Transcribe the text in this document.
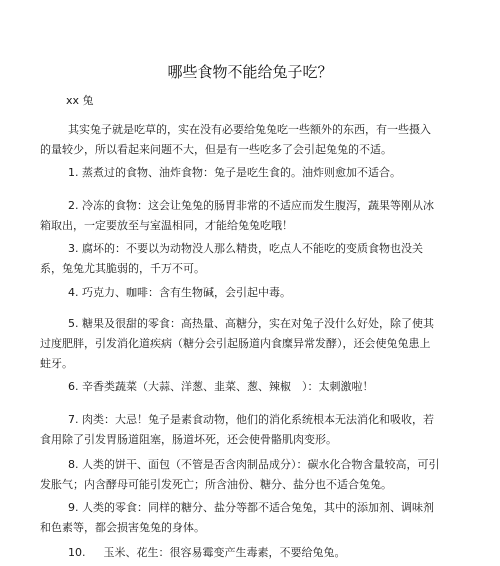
哪些食物不能给兔子吃？
xx 兔

其实兔子就是吃草的，实在没有必要给兔兔吃一些额外的东西，有一些摄入的量较少，所以看起来问题不大，但是有一些吃多了会引起兔兔的不适。

1. 蒸煮过的食物、油炸食物：兔子是吃生食的。油炸则愈加不适合。

2. 冷冻的食物：这会让兔兔的肠胃非常的不适应而发生腹泻，蔬果等刚从冰箱取出，一定要放至与室温相同，才能给兔兔吃哦！

3. 腐坏的：不要以为动物没人那么精贵，吃点人不能吃的变质食物也没关系，兔兔尤其脆弱的，千万不可。

4. 巧克力、咖啡：含有生物碱，会引起中毒。

5. 糖果及很甜的零食：高热量、高糖分，实在对兔子没什么好处，除了使其过度肥胖，引发消化道疾病（糖分会引起肠道内食糜异常发酵），还会使兔兔患上蛀牙。

6. 辛香类蔬菜（大蒜、洋葱、韭菜、葱、辣椒　）：太刺激啦！

7. 肉类：大忌！兔子是素食动物，他们的消化系统根本无法消化和吸收，若食用除了引发胃肠道阻塞，肠道坏死，还会使骨骼肌肉变形。

8. 人类的饼干、面包（不管是否含肉制品成分）：碳水化合物含量较高，可引发胀气；内含酵母可能引发死亡；所含油份、糖分、盐分也不适合兔兔。

9. 人类的零食：同样的糖分、盐分等都不适合兔兔，其中的添加剂、调味剂和色素等，都会损害兔兔的身体。

10. 玉米、花生：很容易霉变产生毒素，不要给兔兔。
